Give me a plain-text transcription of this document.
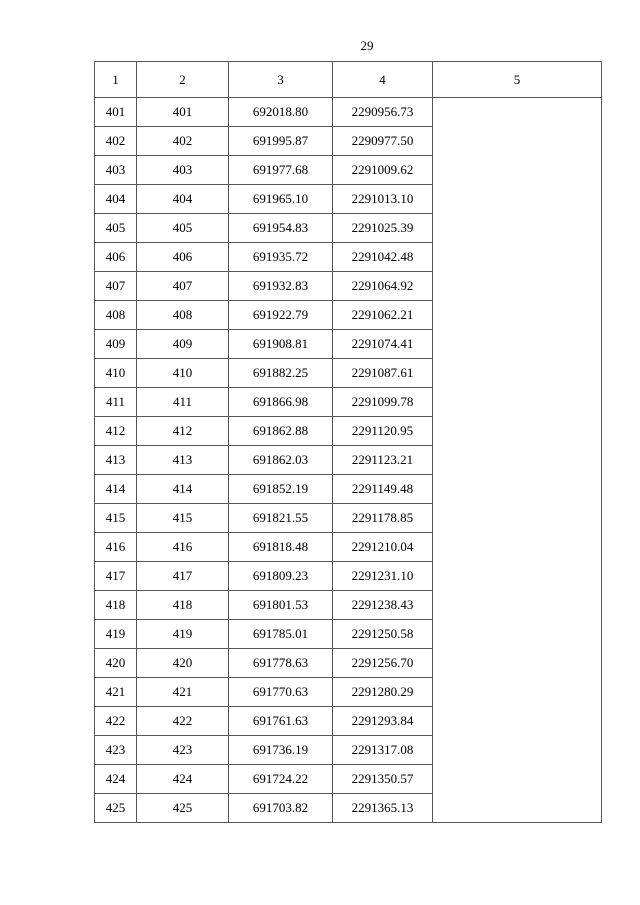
29
1	2	3	4	5
401	401	692018.80	2290956.73	
402	402	691995.87	2290977.50	
403	403	691977.68	2291009.62	
404	404	691965.10	2291013.10	
405	405	691954.83	2291025.39	
406	406	691935.72	2291042.48	
407	407	691932.83	2291064.92	
408	408	691922.79	2291062.21	
409	409	691908.81	2291074.41	
410	410	691882.25	2291087.61	
411	411	691866.98	2291099.78	
412	412	691862.88	2291120.95	
413	413	691862.03	2291123.21	
414	414	691852.19	2291149.48	
415	415	691821.55	2291178.85	
416	416	691818.48	2291210.04	
417	417	691809.23	2291231.10	
418	418	691801.53	2291238.43	
419	419	691785.01	2291250.58	
420	420	691778.63	2291256.70	
421	421	691770.63	2291280.29	
422	422	691761.63	2291293.84	
423	423	691736.19	2291317.08	
424	424	691724.22	2291350.57	
425	425	691703.82	2291365.13	
